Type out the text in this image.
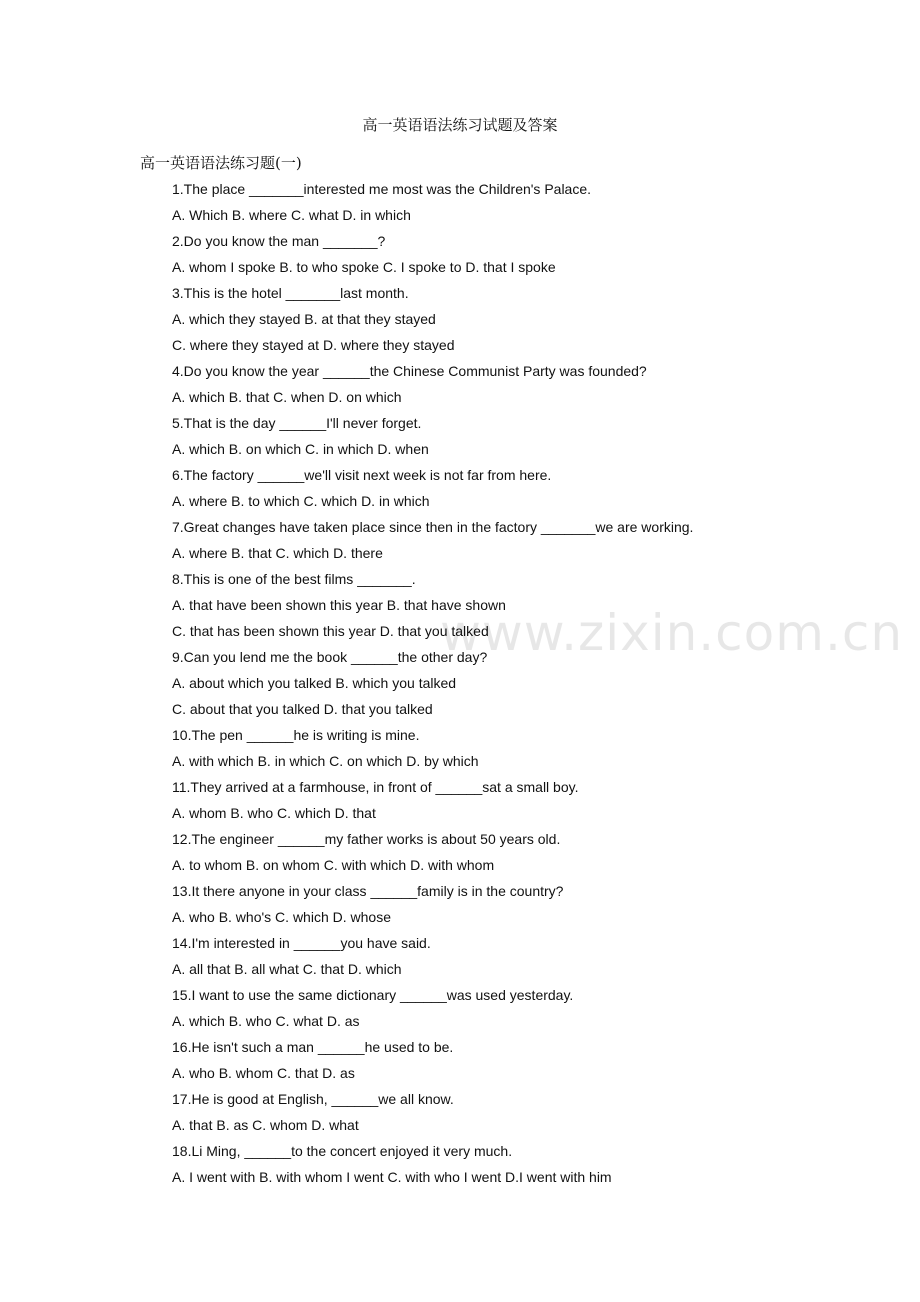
高一英语语法练习试题及答案
高一英语语法练习题(一)
1.The place _______interested me most was the Children's Palace.
A. Which B. where C. what D. in which
2.Do you know the man _______?
A. whom I spoke B. to who spoke C. I spoke to D. that I spoke
3.This is the hotel _______last month.
A. which they stayed B. at that they stayed
C. where they stayed at D. where they stayed
4.Do you know the year ______the Chinese Communist Party was founded?
A. which B. that C. when D. on which
5.That is the day ______I'll never forget.
A. which B. on which C. in which D. when
6.The factory ______we'll visit next week is not far from here.
A. where B. to which C. which D. in which
7.Great changes have taken place since then in the factory _______we are working.
A. where B. that C. which D. there
8.This is one of the best films _______.
A. that have been shown this year B. that have shown
C. that has been shown this year D. that you talked
9.Can you lend me the book ______the other day?
A. about which you talked B. which you talked
C. about that you talked D. that you talked
10.The pen ______he is writing is mine.
A. with which B. in which C. on which D. by which
11.They arrived at a farmhouse, in front of ______sat a small boy.
A. whom B. who C. which D. that
12.The engineer ______my father works is about 50 years old.
A. to whom B. on whom C. with which D. with whom
13.It there anyone in your class ______family is in the country?
A. who B. who's C. which D. whose
14.I'm interested in ______you have said.
A. all that B. all what C. that D. which
15.I want to use the same dictionary ______was used yesterday.
A. which B. who C. what D. as
16.He isn't such a man ______he used to be.
A. who B. whom C. that D. as
17.He is good at English, ______we all know.
A. that B. as C. whom D. what
18.Li Ming, ______to the concert enjoyed it very much.
A. I went with B. with whom I went C. with who I went D.I went with him
www.zixin.com.cn
